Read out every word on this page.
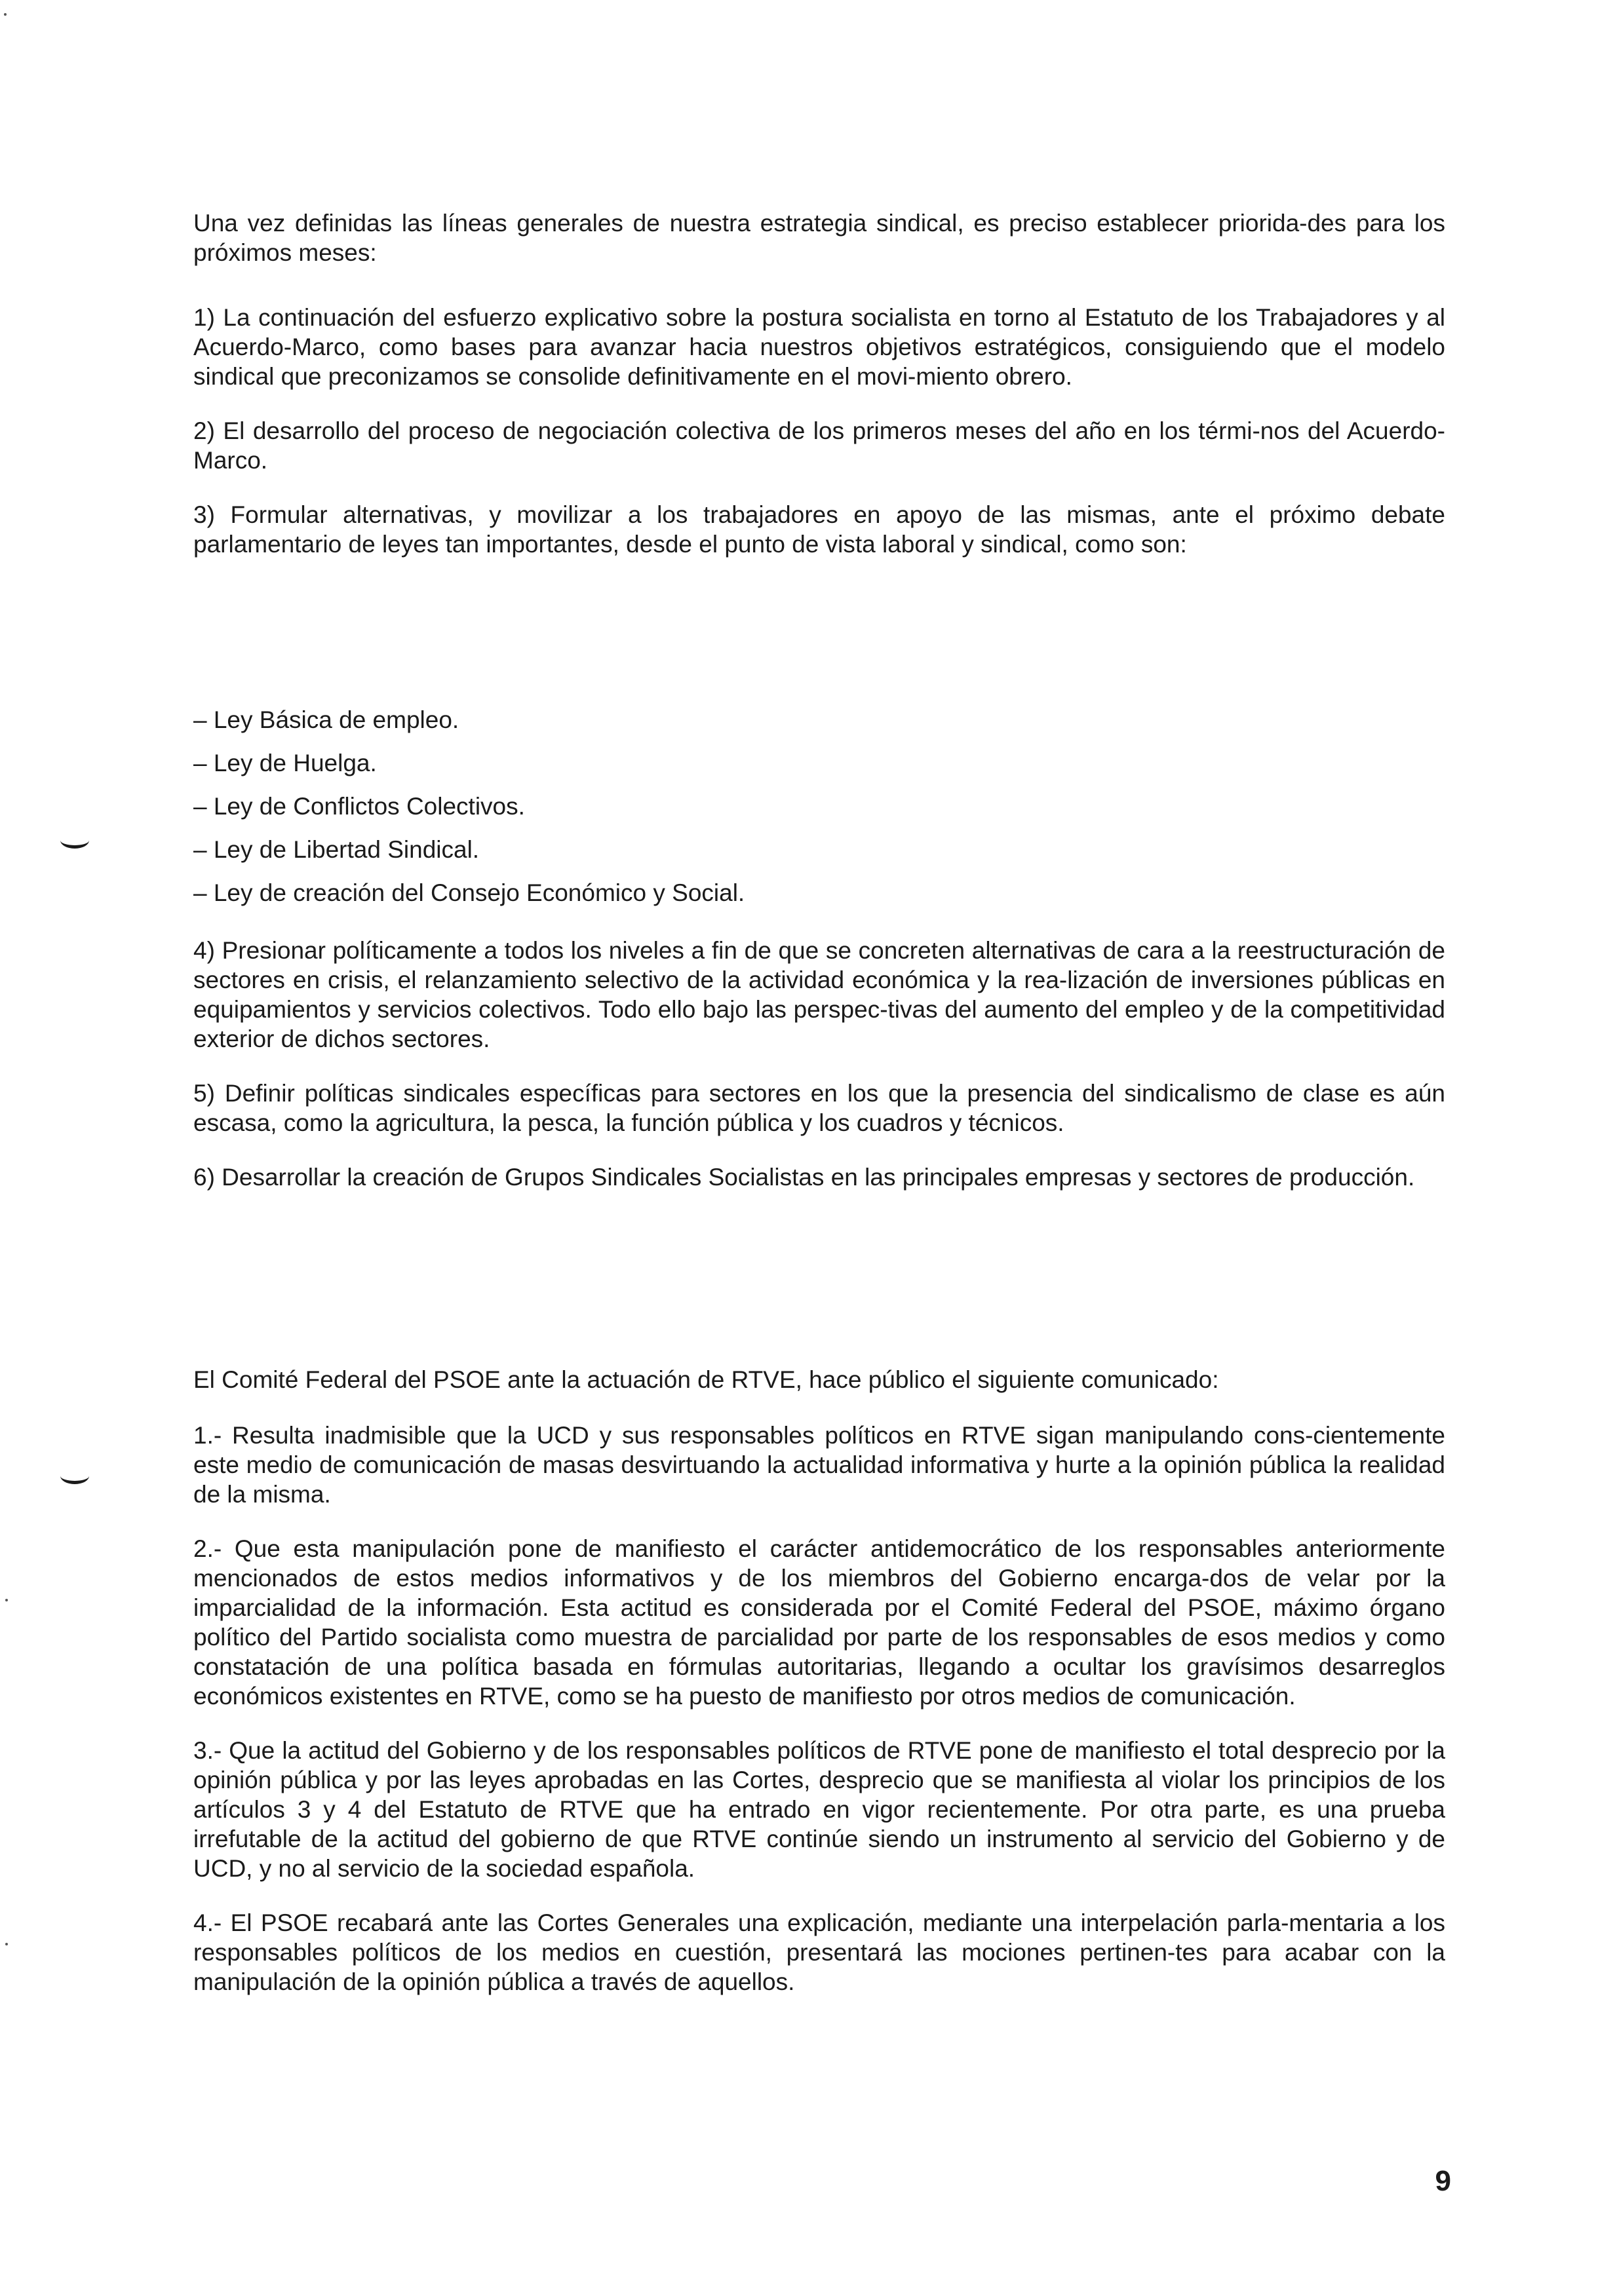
Una vez definidas las líneas generales de nuestra estrategia sindical, es preciso establecer priorida-des para los próximos meses:

1) La continuación del esfuerzo explicativo sobre la postura socialista en torno al Estatuto de los Trabajadores y al Acuerdo-Marco, como bases para avanzar hacia nuestros objetivos estratégicos, consiguiendo que el modelo sindical que preconizamos se consolide definitivamente en el movi-miento obrero.

2) El desarrollo del proceso de negociación colectiva de los primeros meses del año en los térmi-nos del Acuerdo-Marco.

3) Formular alternativas, y movilizar a los trabajadores en apoyo de las mismas, ante el próximo debate parlamentario de leyes tan importantes, desde el punto de vista laboral y sindical, como son:

– Ley Básica de empleo.

– Ley de Huelga.

– Ley de Conflictos Colectivos.

– Ley de Libertad Sindical.

– Ley de creación del Consejo Económico y Social.

4) Presionar políticamente a todos los niveles a fin de que se concreten alternativas de cara a la reestructuración de sectores en crisis, el relanzamiento selectivo de la actividad económica y la rea-lización de inversiones públicas en equipamientos y servicios colectivos. Todo ello bajo las perspec-tivas del aumento del empleo y de la competitividad exterior de dichos sectores.

5) Definir políticas sindicales específicas para sectores en los que la presencia del sindicalismo de clase es aún escasa, como la agricultura, la pesca, la función pública y los cuadros y técnicos.

6) Desarrollar la creación de Grupos Sindicales Socialistas en las principales empresas y sectores de producción.

El Comité Federal del PSOE ante la actuación de RTVE, hace público el siguiente comunicado:

1.- Resulta inadmisible que la UCD y sus responsables políticos en RTVE sigan manipulando cons-cientemente este medio de comunicación de masas desvirtuando la actualidad informativa y hurte a la opinión pública la realidad de la misma.

2.- Que esta manipulación pone de manifiesto el carácter antidemocrático de los responsables anteriormente mencionados de estos medios informativos y de los miembros del Gobierno encarga-dos de velar por la imparcialidad de la información. Esta actitud es considerada por el Comité Federal del PSOE, máximo órgano político del Partido socialista como muestra de parcialidad por parte de los responsables de esos medios y como constatación de una política basada en fórmulas autoritarias, llegando a ocultar los gravísimos desarreglos económicos existentes en RTVE, como se ha puesto de manifiesto por otros medios de comunicación.

3.- Que la actitud del Gobierno y de los responsables políticos de RTVE pone de manifiesto el total desprecio por la opinión pública y por las leyes aprobadas en las Cortes, desprecio que se manifiesta al violar los principios de los artículos 3 y 4 del Estatuto de RTVE que ha entrado en vigor recientemente. Por otra parte, es una prueba irrefutable de la actitud del gobierno de que RTVE continúe siendo un instrumento al servicio del Gobierno y de UCD, y no al servicio de la sociedad española.

4.- El PSOE recabará ante las Cortes Generales una explicación, mediante una interpelación parla-mentaria a los responsables políticos de los medios en cuestión, presentará las mociones pertinen-tes para acabar con la manipulación de la opinión pública a través de aquellos.

9
